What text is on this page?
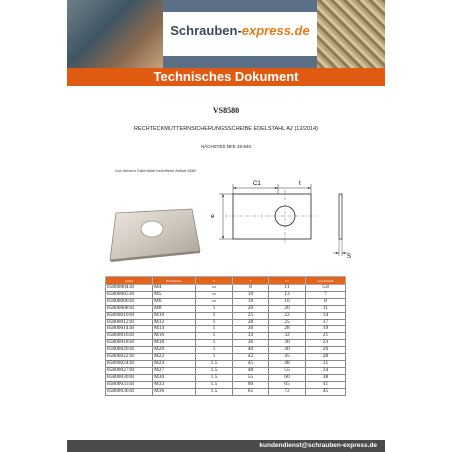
Schrauben-express.de
Technisches Dokument
VS8580
RECHTECKMUTTERNSICHERUNGSSCHEIBE EDELSTAHL A2 (12/2014)
NÄCHSTES NFE 25-540
Von diesem Datenblatt betroffene Artikel 8580
C1	t
e
S
Artikel	Durchmesser	S	T	C1	Gewindemaß
8580000418	M4	0.8	8	11	5.8
8580000518	M5	0.8	10	13	7
8580000618	M6	0.8	16	16	8
8580000818	M8	1	20	20	11
8580001018	M10	1	25	22	14
8580001218	M12	1	28	25	17
8580001418	M14	1	30	28	19
8580001618	M16	1	34	32	21
8580001818	M18	1	36	36	23
8580002018	M20	1	40	40	26
8580002218	M22	1	42	45	28
8580002418	M24	1.5	45	48	31
8580002718	M27	1.5	48	55	34
8580003018	M30	1.5	55	60	38
8580003318	M33	1.5	60	65	41
8580003618	M36	1.5	65	72	45
kundendienst@schrauben-express.de
